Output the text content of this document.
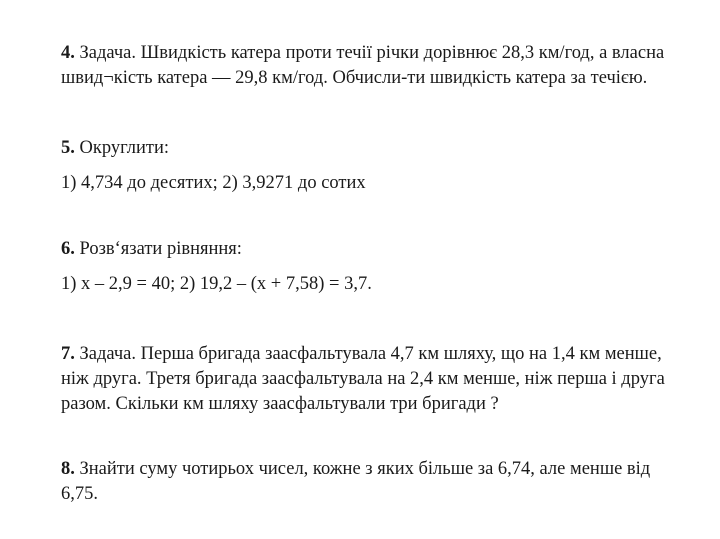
4. Задача. Швидкість катера проти течії річки дорівнює 28,3 км/год, а власна
швид¬кість катера — 29,8 км/год. Обчисли-ти швидкість катера за течією.
5. Округлити:
1) 4,734 до десятих; 2) 3,9271 до сотих
6. Розв‘язати рівняння:
1) х – 2,9 = 40; 2) 19,2 – (х + 7,58) = 3,7.
7. Задача. Перша бригада заасфальтувала 4,7 км шляху, що на 1,4 км менше,
ніж друга. Третя бригада заасфальтувала на 2,4 км менше, ніж перша і друга
разом. Скільки км шляху заасфальтували три бригади ?
8. Знайти суму чотирьох чисел, кожне з яких більше за 6,74, але менше від
6,75.
